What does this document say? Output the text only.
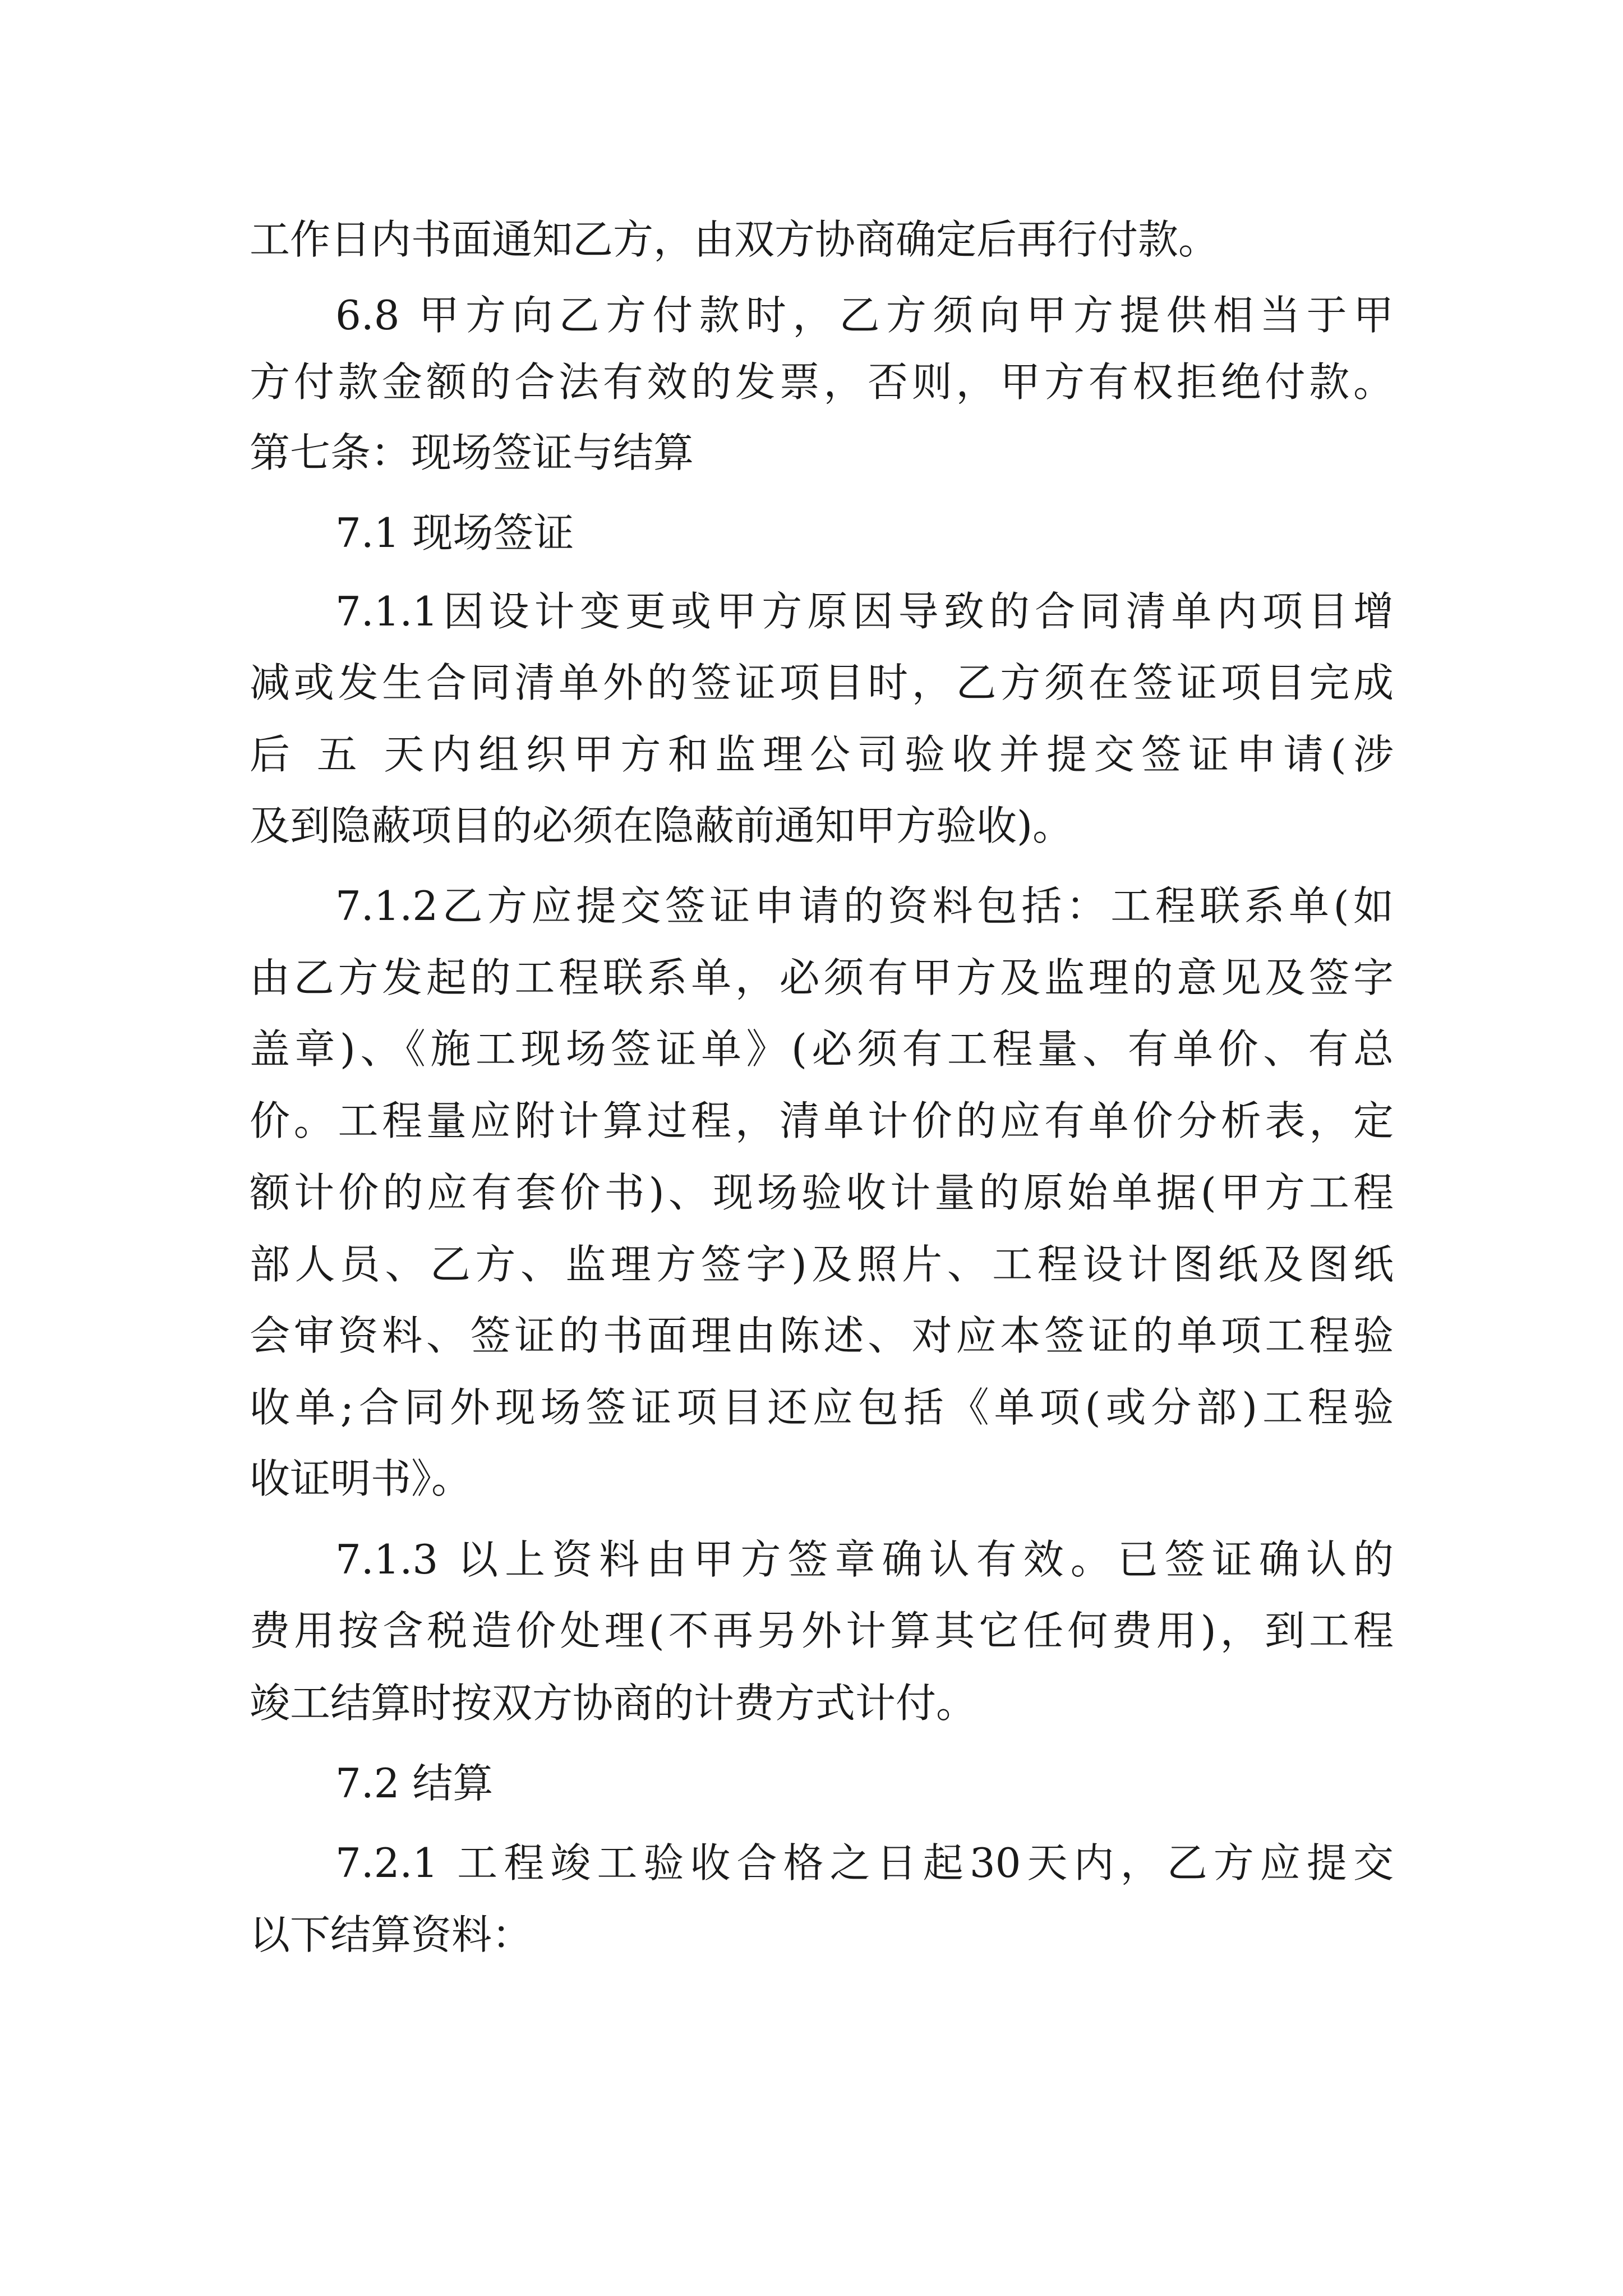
工作日内书面通知乙方，由双方协商确定后再行付款。
6.8 甲方向乙方付款时，乙方须向甲方提供相当于甲
方付款金额的合法有效的发票，否则，甲方有权拒绝付款。
第七条：现场签证与结算
7.1 现场签证
7.1.1因设计变更或甲方原因导致的合同清单内项目增
减或发生合同清单外的签证项目时，乙方须在签证项目完成
后 五 天内组织甲方和监理公司验收并提交签证申请(涉
及到隐蔽项目的必须在隐蔽前通知甲方验收)。
7.1.2乙方应提交签证申请的资料包括：工程联系单(如
由乙方发起的工程联系单，必须有甲方及监理的意见及签字
盖章)、《施工现场签证单》(必须有工程量、有单价、有总
价。工程量应附计算过程，清单计价的应有单价分析表，定
额计价的应有套价书)、现场验收计量的原始单据(甲方工程
部人员、乙方、监理方签字)及照片、工程设计图纸及图纸
会审资料、签证的书面理由陈述、对应本签证的单项工程验
收单;合同外现场签证项目还应包括《单项(或分部)工程验
收证明书》。
7.1.3 以上资料由甲方签章确认有效。已签证确认的
费用按含税造价处理(不再另外计算其它任何费用)，到工程
竣工结算时按双方协商的计费方式计付。
7.2 结算
7.2.1 工程竣工验收合格之日起30天内，乙方应提交
以下结算资料：
